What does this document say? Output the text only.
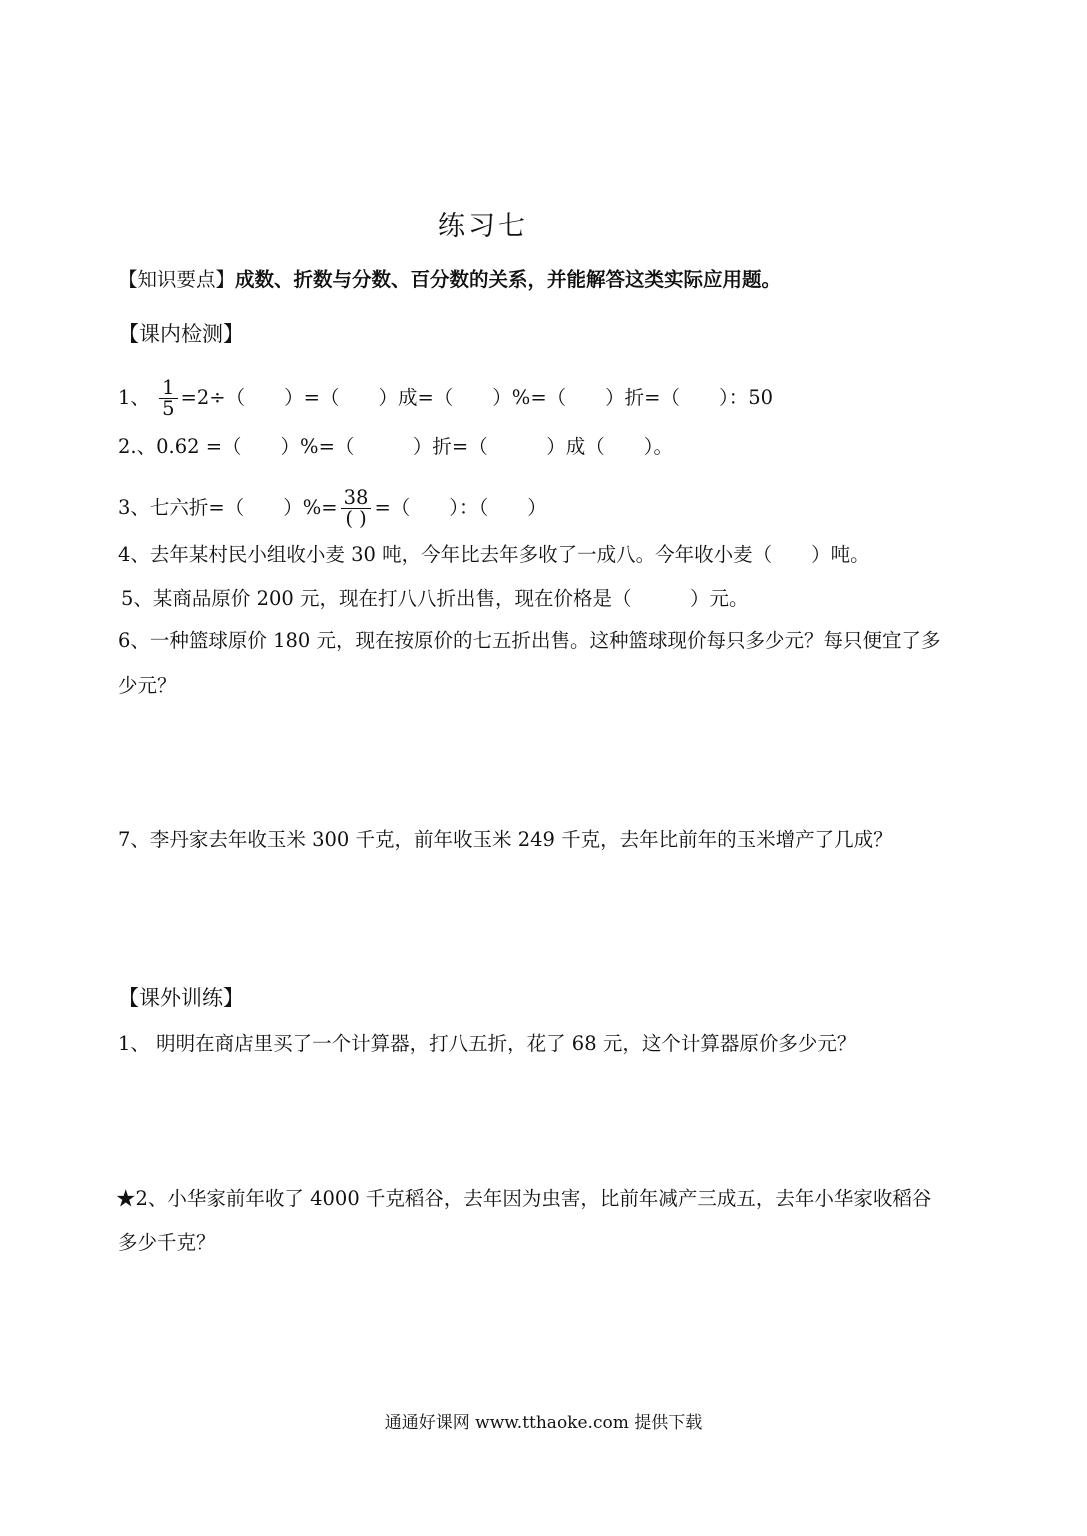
练习七
【知识要点】成数、折数与分数、百分数的关系，并能解答这类实际应用题。
【课内检测】
1、 $\frac{1}{5} =2\div$（　　）=（　　）成=（　　）%=（　　）折=（　　）：50
2.、0.62 =（　　）%=（　　　）折=（　　　）成（　　）。
3、七六折=（　　）%= $\frac{38}{( )}$ =（　　）：（　　）
4、去年某村民小组收小麦 30 吨，今年比去年多收了一成八。今年收小麦（　　）吨。
5、某商品原价 200 元，现在打八八折出售，现在价格是（　　　）元。
6、一种篮球原价 180 元，现在按原价的七五折出售。这种篮球现价每只多少元？每只便宜了多
少元？
7、李丹家去年收玉米 300 千克，前年收玉米 249 千克，去年比前年的玉米增产了几成？
【课外训练】
1、 明明在商店里买了一个计算器，打八五折，花了 68 元，这个计算器原价多少元？
★2、小华家前年收了 4000 千克稻谷，去年因为虫害，比前年减产三成五，去年小华家收稻谷
多少千克？
通通好课网 www.tthaoke.com 提供下载
